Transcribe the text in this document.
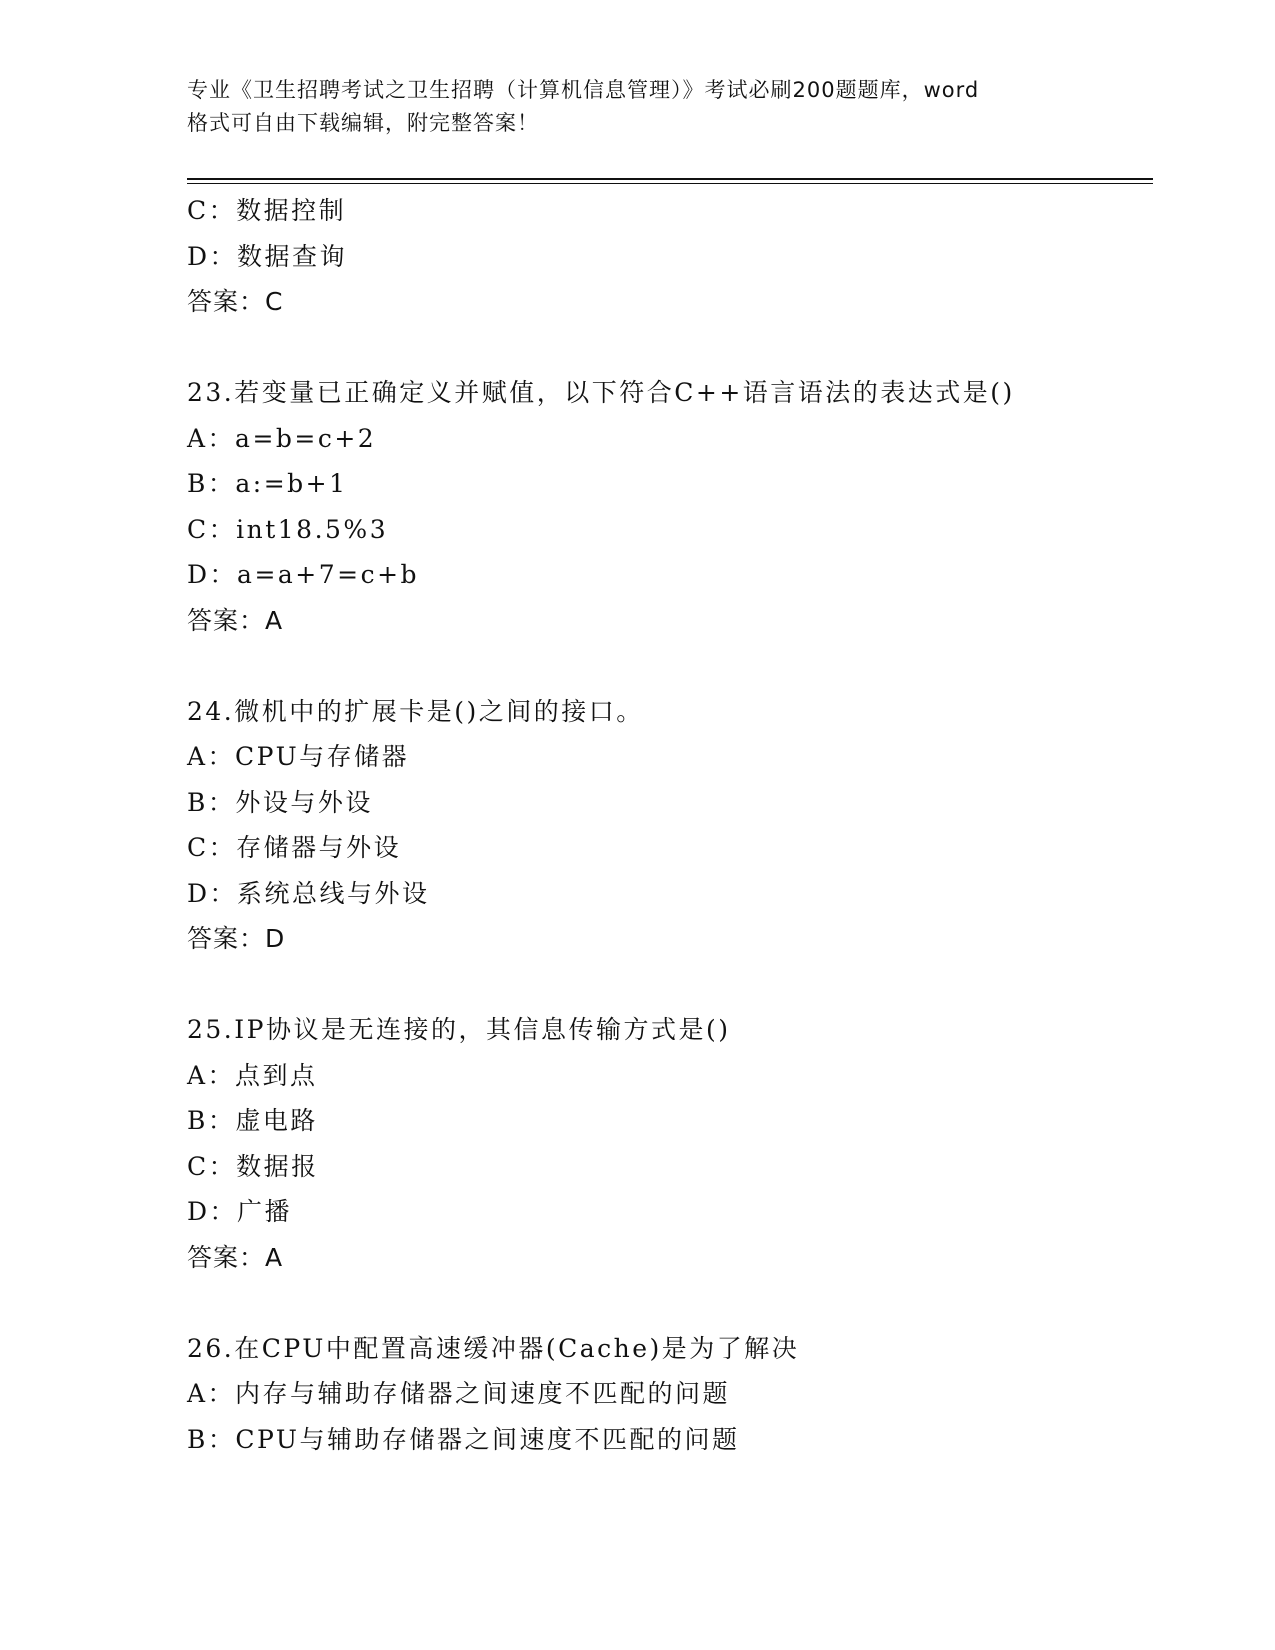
专业《卫生招聘考试之卫生招聘（计算机信息管理）》考试必刷200题题库，word
格式可自由下载编辑，附完整答案！
C：数据控制
D：数据查询
答案：C
23.若变量已正确定义并赋值，以下符合C++语言语法的表达式是()
A：a=b=c+2
B：a:=b+1
C：int18.5%3
D：a=a+7=c+b
答案：A
24.微机中的扩展卡是()之间的接口。
A：CPU与存储器
B：外设与外设
C：存储器与外设
D：系统总线与外设
答案：D
25.IP协议是无连接的，其信息传输方式是()
A：点到点
B：虚电路
C：数据报
D：广播
答案：A
26.在CPU中配置高速缓冲器(Cache)是为了解决
A：内存与辅助存储器之间速度不匹配的问题
B：CPU与辅助存储器之间速度不匹配的问题
